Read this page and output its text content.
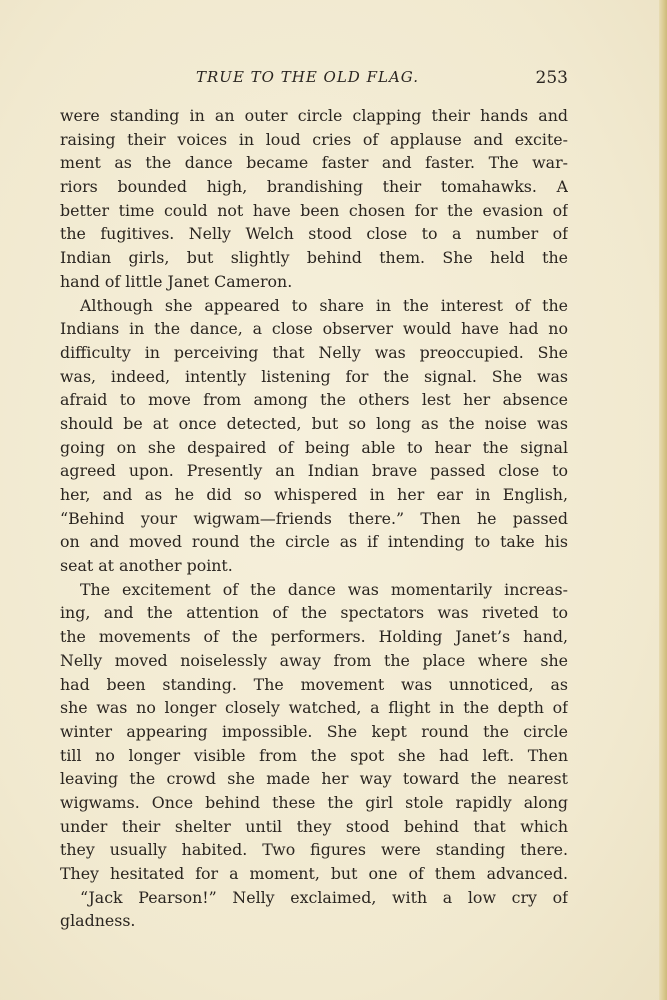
TRUE TO THE OLD FLAG.	253
were standing in an outer circle clapping their hands and
raising their voices in loud cries of applause and excite-
ment as the dance became faster and faster. The war-
riors bounded high, brandishing their tomahawks. A
better time could not have been chosen for the evasion of
the fugitives. Nelly Welch stood close to a number of
Indian girls, but slightly behind them. She held the
hand of little Janet Cameron.
Although she appeared to share in the interest of the
Indians in the dance, a close observer would have had no
difficulty in perceiving that Nelly was preoccupied. She
was, indeed, intently listening for the signal. She was
afraid to move from among the others lest her absence
should be at once detected, but so long as the noise was
going on she despaired of being able to hear the signal
agreed upon. Presently an Indian brave passed close to
her, and as he did so whispered in her ear in English,
“Behind your wigwam—friends there.” Then he passed
on and moved round the circle as if intending to take his
seat at another point.
The excitement of the dance was momentarily increas-
ing, and the attention of the spectators was riveted to
the movements of the performers. Holding Janet’s hand,
Nelly moved noiselessly away from the place where she
had been standing. The movement was unnoticed, as
she was no longer closely watched, a flight in the depth of
winter appearing impossible. She kept round the circle
till no longer visible from the spot she had left. Then
leaving the crowd she made her way toward the nearest
wigwams. Once behind these the girl stole rapidly along
under their shelter until they stood behind that which
they usually habited. Two figures were standing there.
They hesitated for a moment, but one of them advanced.
“Jack Pearson!” Nelly exclaimed, with a low cry of
gladness.
